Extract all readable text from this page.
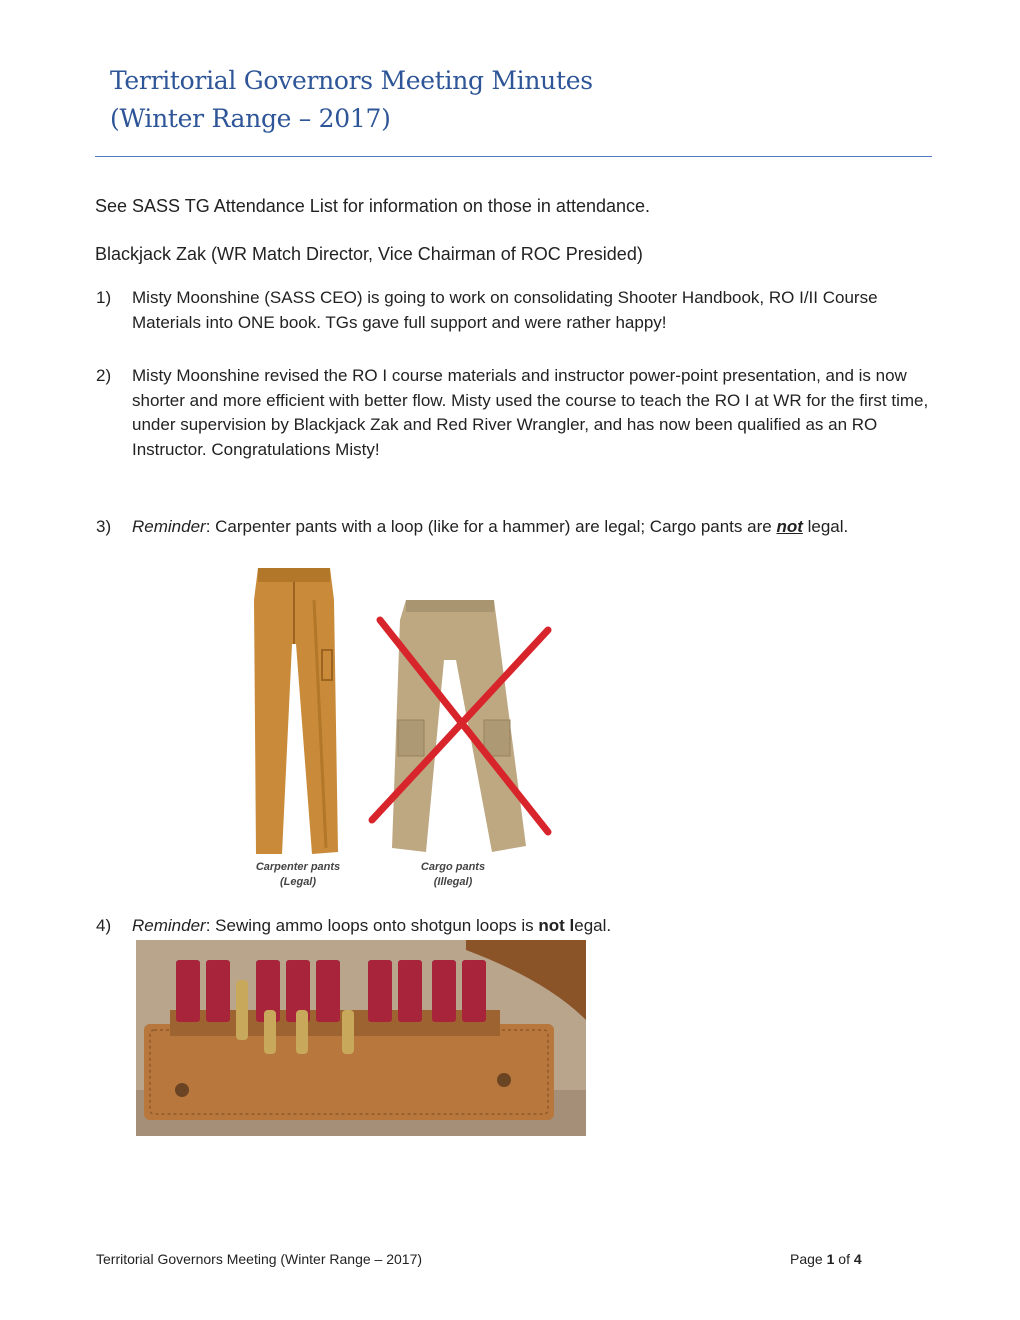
Territorial Governors Meeting Minutes
(Winter Range – 2017)

See SASS TG Attendance List for information on those in attendance.

Blackjack Zak (WR Match Director, Vice Chairman of ROC Presided)

1)	Misty Moonshine (SASS CEO) is going to work on consolidating Shooter Handbook, RO I/II Course Materials into ONE book. TGs gave full support and were rather happy!
2)	Misty Moonshine revised the RO I course materials and instructor power-point presentation, and is now shorter and more efficient with better flow. Misty used the course to teach the RO I at WR for the first time, under supervision by Blackjack Zak and Red River Wrangler, and has now been qualified as an RO Instructor. Congratulations Misty!
3)	Reminder: Carpenter pants with a loop (like for a hammer) are legal; Cargo pants are not legal.
Carpenter pants
(Legal)
Cargo pants
(Illegal)
4)	Reminder: Sewing ammo loops onto shotgun loops is not legal.
Territorial Governors Meeting (Winter Range – 2017)	Page 1 of 4
